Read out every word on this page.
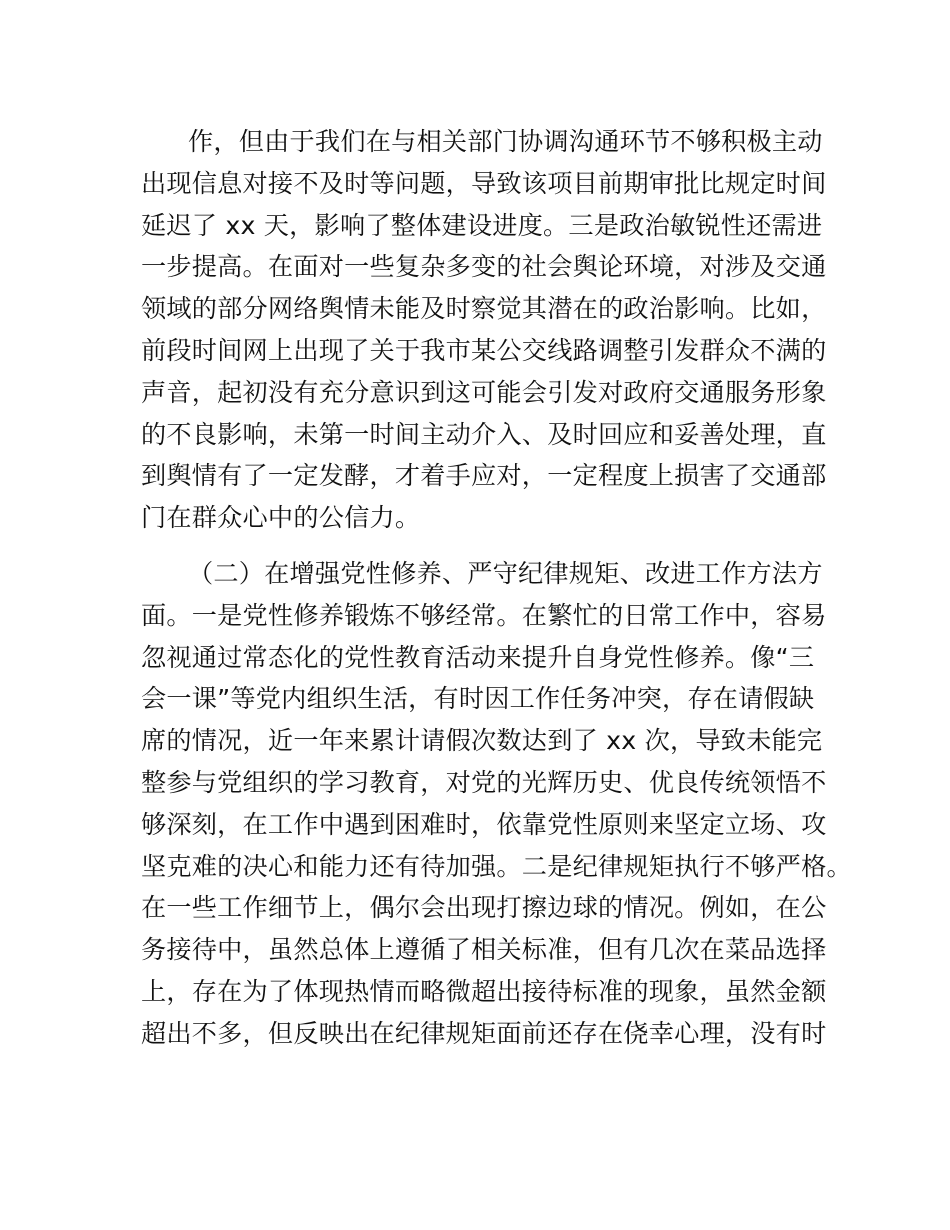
作，但由于我们在与相关部门协调沟通环节不够积极主动
出现信息对接不及时等问题，导致该项目前期审批比规定时间
延迟了 xx 天，影响了整体建设进度。三是政治敏锐性还需进
一步提高。在面对一些复杂多变的社会舆论环境，对涉及交通
领域的部分网络舆情未能及时察觉其潜在的政治影响。比如，
前段时间网上出现了关于我市某公交线路调整引发群众不满的
声音，起初没有充分意识到这可能会引发对政府交通服务形象
的不良影响，未第一时间主动介入、及时回应和妥善处理，直
到舆情有了一定发酵，才着手应对，一定程度上损害了交通部
门在群众心中的公信力。
（二）在增强党性修养、严守纪律规矩、改进工作方法方
面。一是党性修养锻炼不够经常。在繁忙的日常工作中，容易
忽视通过常态化的党性教育活动来提升自身党性修养。像“三
会一课”等党内组织生活，有时因工作任务冲突，存在请假缺
席的情况，近一年来累计请假次数达到了 xx 次，导致未能完
整参与党组织的学习教育，对党的光辉历史、优良传统领悟不
够深刻，在工作中遇到困难时，依靠党性原则来坚定立场、攻
坚克难的决心和能力还有待加强。二是纪律规矩执行不够严格。
在一些工作细节上，偶尔会出现打擦边球的情况。例如，在公
务接待中，虽然总体上遵循了相关标准，但有几次在菜品选择
上，存在为了体现热情而略微超出接待标准的现象，虽然金额
超出不多，但反映出在纪律规矩面前还存在侥幸心理，没有时
